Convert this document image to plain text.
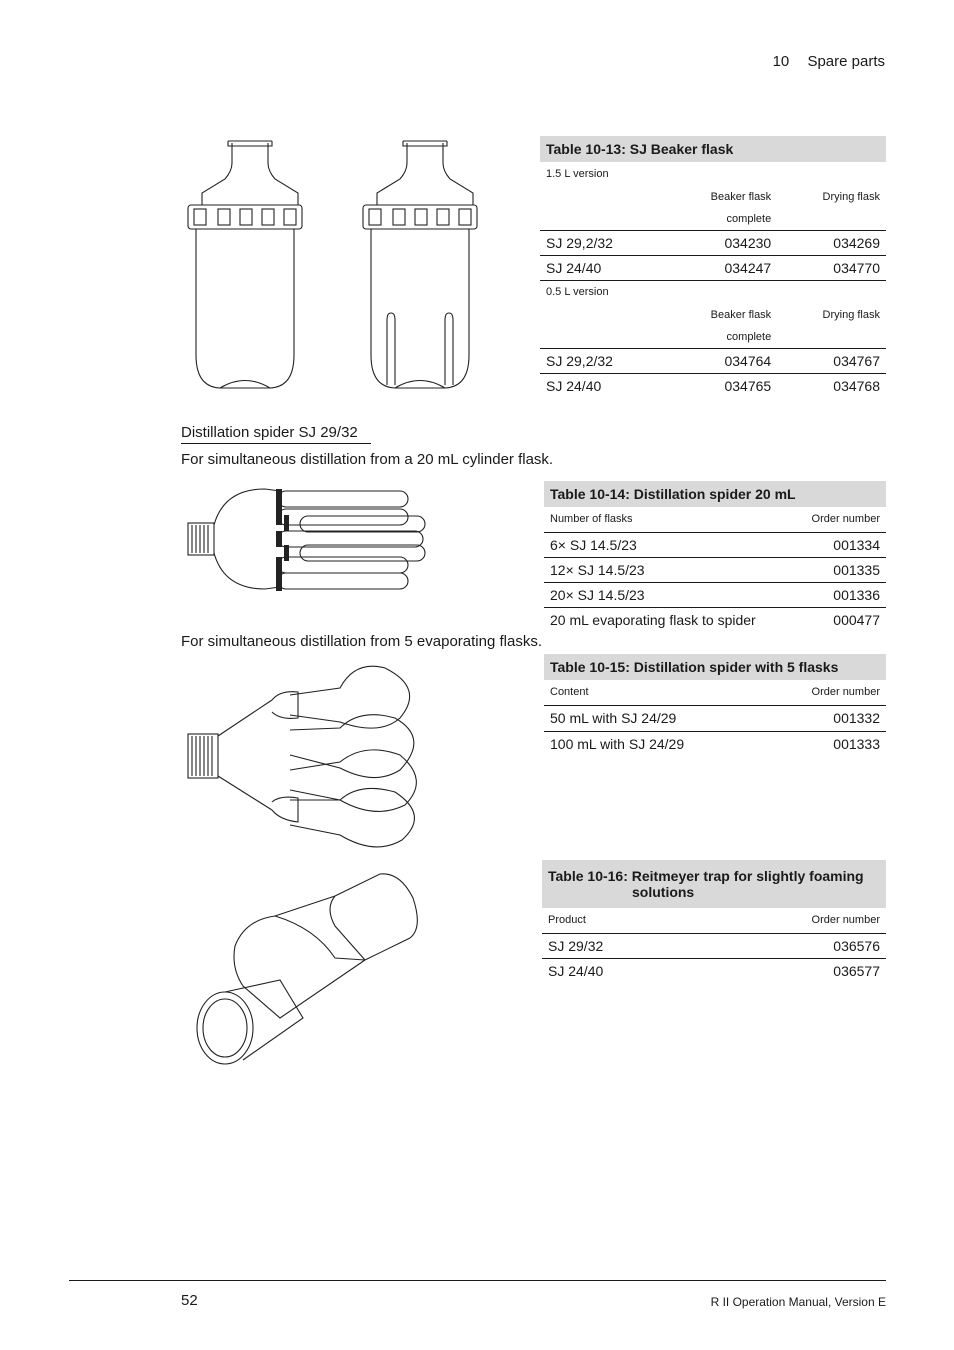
10 Spare parts
Table 10-13: SJ Beaker flask		
1.5 L version		
	Beaker flask	Drying flask
	complete	
SJ 29,2/32	034230	034269
SJ 24/40	034247	034770
0.5 L version		
	Beaker flask	Drying flask
	complete	
SJ 29,2/32	034764	034767
SJ 24/40	034765	034768
Distillation spider SJ 29/32
For simultaneous distillation from a 20 mL cylinder flask.
Table 10-14: Distillation spider 20 mL	
Number of flasks	Order number
6× SJ 14.5/23	001334
12× SJ 14.5/23	001335
20× SJ 14.5/23	001336
20 mL evaporating flask to spider	000477
For simultaneous distillation from 5 evaporating flasks.
Table 10-15: Distillation spider with 5 flasks	
Content	Order number
50 mL with SJ 24/29	001332
100 mL with SJ 24/29	001333
Table 10-16: Reitmeyer trap for slightly foaming
solutions	

Product	Order number
SJ 29/32	036576
SJ 24/40	036577
52	R II Operation Manual, Version E
